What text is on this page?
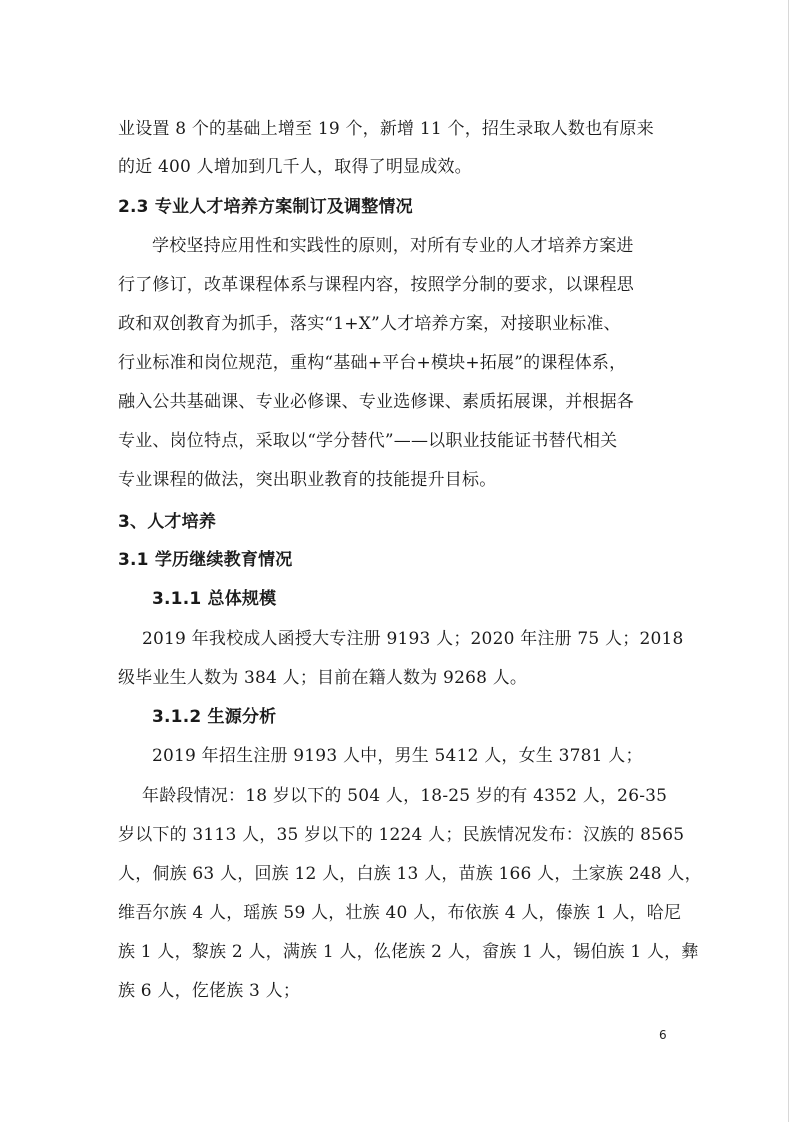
业设置 8 个的基础上增至 19 个，新增 11 个，招生录取人数也有原来
的近 400 人增加到几千人，取得了明显成效。
2.3 专业人才培养方案制订及调整情况
学校坚持应用性和实践性的原则，对所有专业的人才培养方案进
行了修订，改革课程体系与课程内容，按照学分制的要求，以课程思
政和双创教育为抓手，落实“1+X”人才培养方案，对接职业标准、
行业标准和岗位规范，重构“基础+平台+模块+拓展”的课程体系，
融入公共基础课、专业必修课、专业选修课、素质拓展课，并根据各
专业、岗位特点，采取以“学分替代”——以职业技能证书替代相关
专业课程的做法，突出职业教育的技能提升目标。
3、人才培养
3.1 学历继续教育情况
3.1.1 总体规模
2019 年我校成人函授大专注册 9193 人；2020 年注册 75 人；2018
级毕业生人数为 384 人；目前在籍人数为 9268 人。
3.1.2 生源分析
2019 年招生注册 9193 人中，男生 5412 人，女生 3781 人；
年龄段情况：18 岁以下的 504 人，18-25 岁的有 4352 人，26-35
岁以下的 3113 人，35 岁以下的 1224 人；民族情况发布：汉族的 8565
人，侗族 63 人，回族 12 人，白族 13 人，苗族 166 人，土家族 248 人，
维吾尔族 4 人，瑶族 59 人，壮族 40 人，布依族 4 人，傣族 1 人，哈尼
族 1 人，黎族 2 人，满族 1 人，仫佬族 2 人，畲族 1 人，锡伯族 1 人，彝
族 6 人，仡佬族 3 人；
6
